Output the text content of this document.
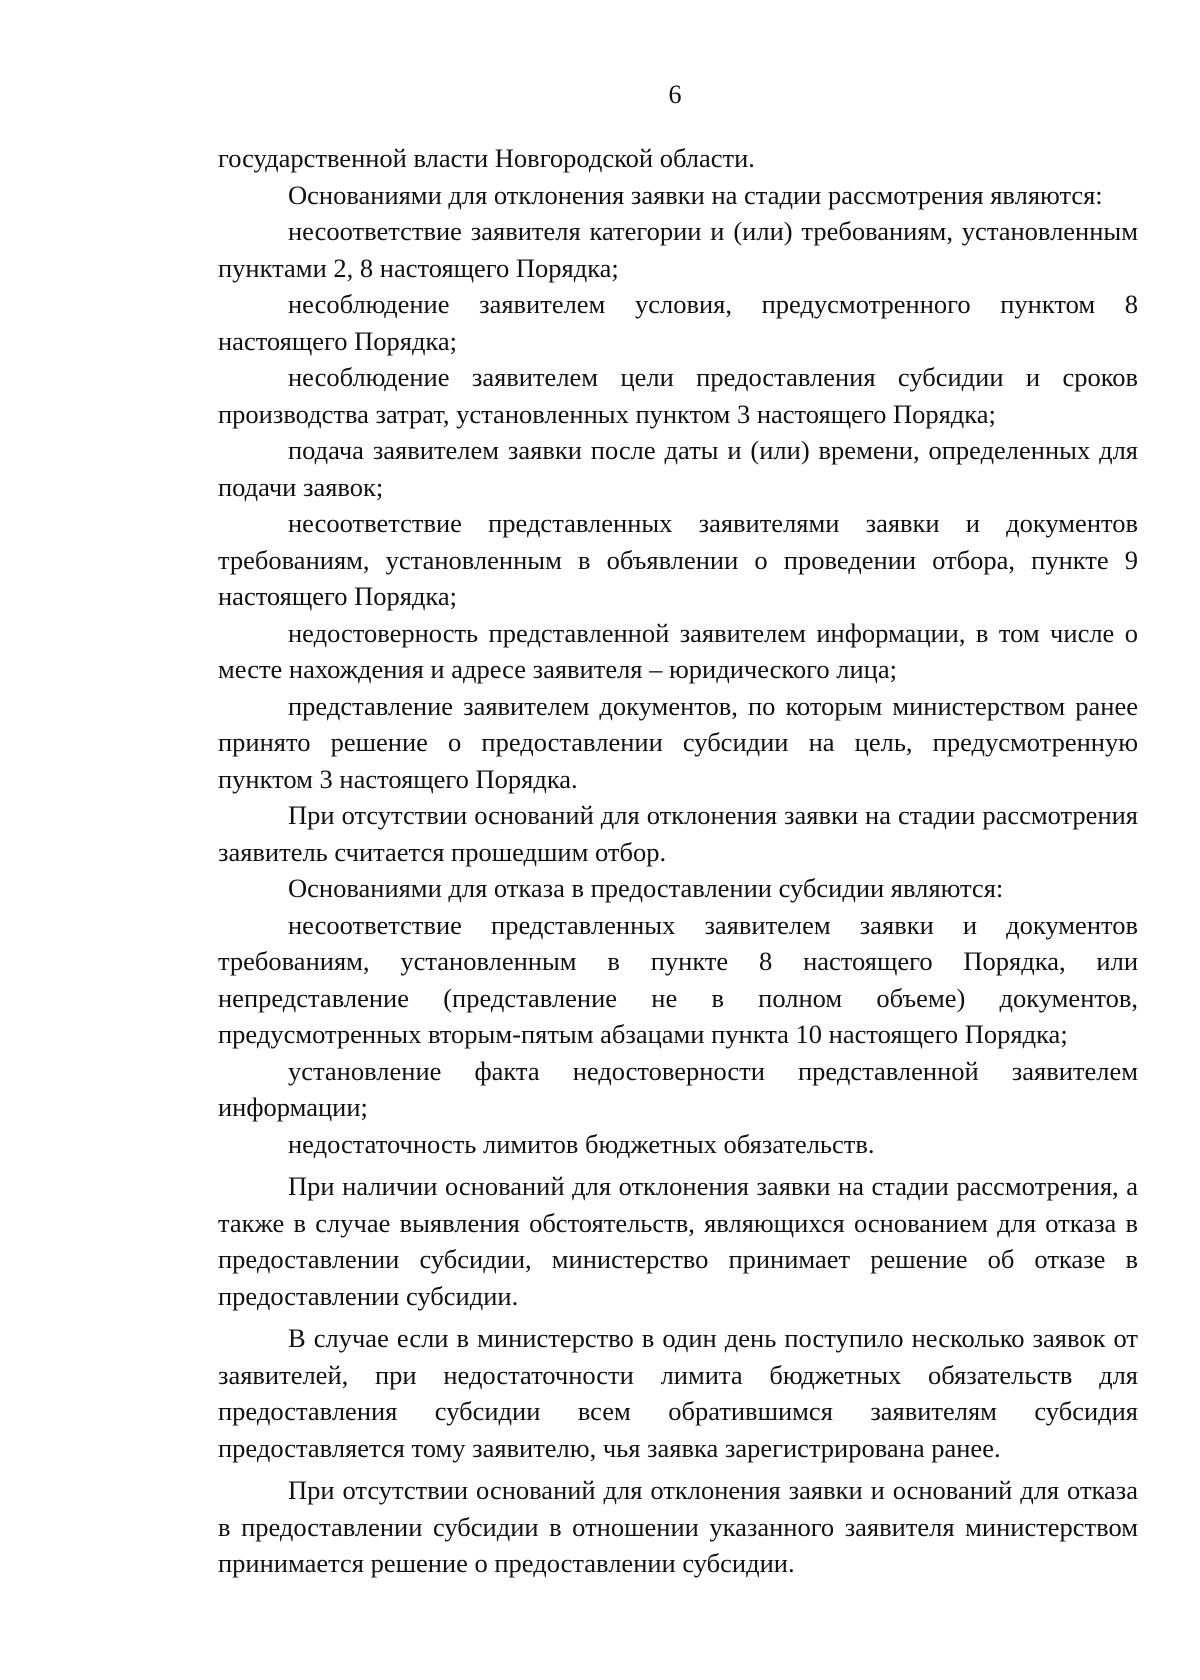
6

государственной власти Новгородской области.

Основаниями для отклонения заявки на стадии рассмотрения являются:

несоответствие заявителя категории и (или) требованиям, установленным пунктами 2, 8 настоящего Порядка;

несоблюдение заявителем условия, предусмотренного пунктом 8 настоящего Порядка;

несоблюдение заявителем цели предоставления субсидии и сроков производства затрат, установленных пунктом 3 настоящего Порядка;

подача заявителем заявки после даты и (или) времени, определенных для подачи заявок;

несоответствие представленных заявителями заявки и документов требованиям, установленным в объявлении о проведении отбора, пункте 9 настоящего Порядка;

недостоверность представленной заявителем информации, в том числе о месте нахождения и адресе заявителя – юридического лица;

представление заявителем документов, по которым министерством ранее принято решение о предоставлении субсидии на цель, предусмотренную пунктом 3 настоящего Порядка.

При отсутствии оснований для отклонения заявки на стадии рассмотрения заявитель считается прошедшим отбор.

Основаниями для отказа в предоставлении субсидии являются:

несоответствие представленных заявителем заявки и документов требованиям, установленным в пункте 8 настоящего Порядка, или непредставление (представление не в полном объеме) документов, предусмотренных вторым-пятым абзацами пункта 10 настоящего Порядка;

установление факта недостоверности представленной заявителем информации;

недостаточность лимитов бюджетных обязательств.

При наличии оснований для отклонения заявки на стадии рассмотрения, а также в случае выявления обстоятельств, являющихся основанием для отказа в предоставлении субсидии, министерство принимает решение об отказе в предоставлении субсидии.

В случае если в министерство в один день поступило несколько заявок от заявителей, при недостаточности лимита бюджетных обязательств для предоставления субсидии всем обратившимся заявителям субсидия предоставляется тому заявителю, чья заявка зарегистрирована ранее.

При отсутствии оснований для отклонения заявки и оснований для отказа в предоставлении субсидии в отношении указанного заявителя министерством принимается решение о предоставлении субсидии.
